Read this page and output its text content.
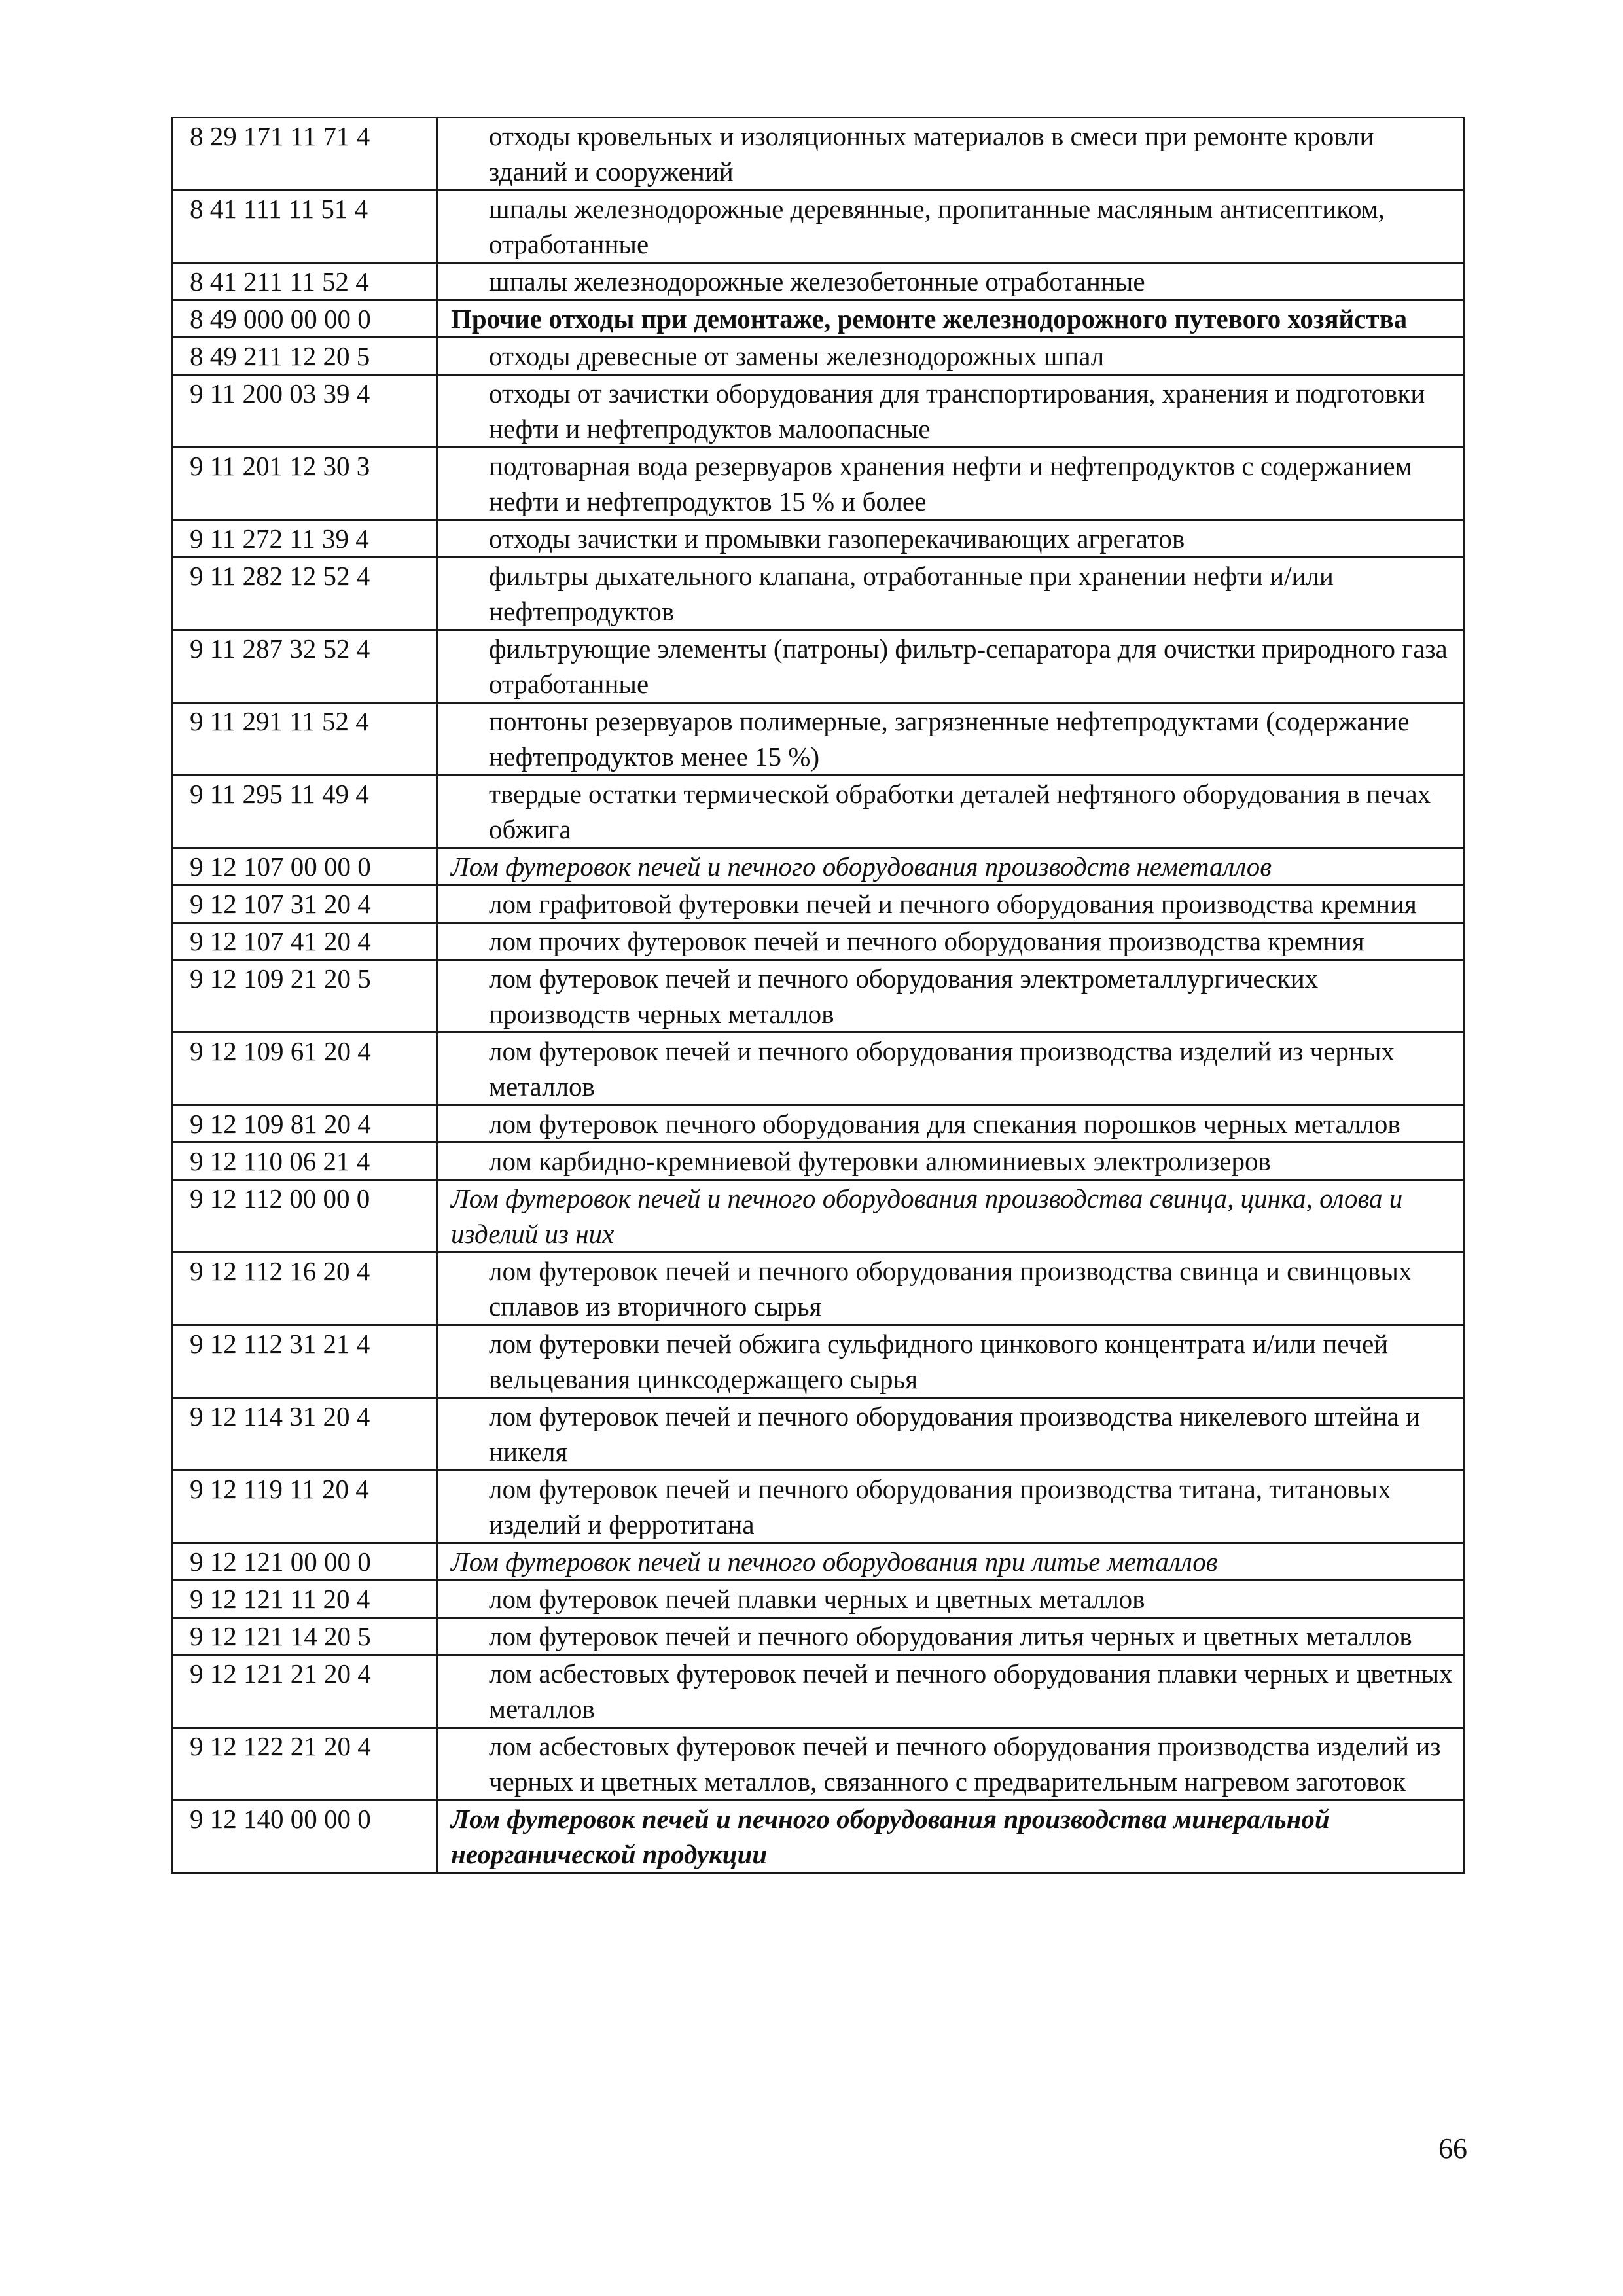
8 29 171 11 71 4	отходы кровельных и изоляционных материалов в смеси при ремонте кровли зданий и сооружений
8 41 111 11 51 4	шпалы железнодорожные деревянные, пропитанные масляным антисептиком, отработанные
8 41 211 11 52 4	шпалы железнодорожные железобетонные отработанные
8 49 000 00 00 0	Прочие отходы при демонтаже, ремонте железнодорожного путевого хозяйства
8 49 211 12 20 5	отходы древесные от замены железнодорожных шпал
9 11 200 03 39 4	отходы от зачистки оборудования для транспортирования, хранения и подготовки нефти и нефтепродуктов малоопасные
9 11 201 12 30 3	подтоварная вода резервуаров хранения нефти и нефтепродуктов с содержанием нефти и нефтепродуктов 15 % и более
9 11 272 11 39 4	отходы зачистки и промывки газоперекачивающих агрегатов
9 11 282 12 52 4	фильтры дыхательного клапана, отработанные при хранении нефти и/или нефтепродуктов
9 11 287 32 52 4	фильтрующие элементы (патроны) фильтр-сепаратора для очистки природного газа отработанные
9 11 291 11 52 4	понтоны резервуаров полимерные, загрязненные нефтепродуктами (содержание нефтепродуктов менее 15 %)
9 11 295 11 49 4	твердые остатки термической обработки деталей нефтяного оборудования в печах обжига
9 12 107 00 00 0	Лом футеровок печей и печного оборудования производств неметаллов
9 12 107 31 20 4	лом графитовой футеровки печей и печного оборудования производства кремния
9 12 107 41 20 4	лом прочих футеровок печей и печного оборудования производства кремния
9 12 109 21 20 5	лом футеровок печей и печного оборудования электрометаллургических производств черных металлов
9 12 109 61 20 4	лом футеровок печей и печного оборудования производства изделий из черных металлов
9 12 109 81 20 4	лом футеровок печного оборудования для спекания порошков черных металлов
9 12 110 06 21 4	лом карбидно-кремниевой футеровки алюминиевых электролизеров
9 12 112 00 00 0	Лом футеровок печей и печного оборудования производства свинца, цинка, олова и изделий из них
9 12 112 16 20 4	лом футеровок печей и печного оборудования производства свинца и свинцовых сплавов из вторичного сырья
9 12 112 31 21 4	лом футеровки печей обжига сульфидного цинкового концентрата и/или печей вельцевания цинксодержащего сырья
9 12 114 31 20 4	лом футеровок печей и печного оборудования производства никелевого штейна и никеля
9 12 119 11 20 4	лом футеровок печей и печного оборудования производства титана, титановых изделий и ферротитана
9 12 121 00 00 0	Лом футеровок печей и печного оборудования при литье металлов
9 12 121 11 20 4	лом футеровок печей плавки черных и цветных металлов
9 12 121 14 20 5	лом футеровок печей и печного оборудования литья черных и цветных металлов
9 12 121 21 20 4	лом асбестовых футеровок печей и печного оборудования плавки черных и цветных металлов
9 12 122 21 20 4	лом асбестовых футеровок печей и печного оборудования производства изделий из черных и цветных металлов, связанного с предварительным нагревом заготовок
9 12 140 00 00 0	Лом футеровок печей и печного оборудования производства минеральной неорганической продукции
66
